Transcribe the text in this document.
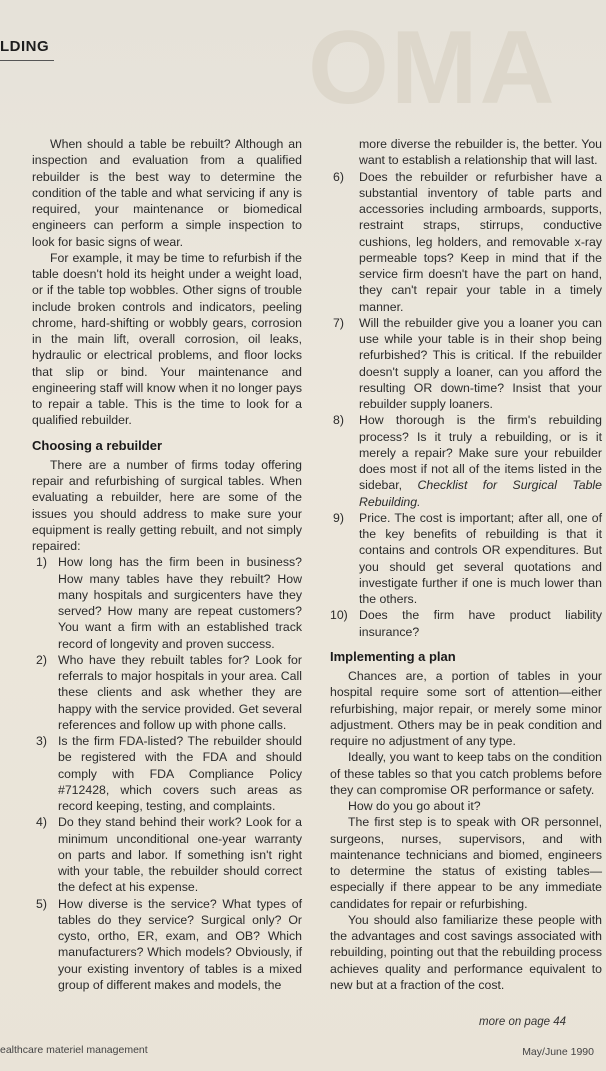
OMA
LDING

When should a table be rebuilt? Although an inspection and evaluation from a qualified rebuilder is the best way to determine the condition of the table and what servicing if any is required, your maintenance or biomedical engineers can perform a simple inspection to look for basic signs of wear.

For example, it may be time to refurbish if the table doesn't hold its height under a weight load, or if the table top wobbles. Other signs of trouble include broken controls and indicators, peeling chrome, hard-shifting or wobbly gears, corrosion in the main lift, overall corrosion, oil leaks, hydraulic or electrical problems, and floor locks that slip or bind. Your maintenance and engineering staff will know when it no longer pays to repair a table. This is the time to look for a qualified rebuilder.

Choosing a rebuilder

There are a number of firms today offering repair and refurbishing of surgical tables. When evaluating a rebuilder, here are some of the issues you should address to make sure your equipment is really getting rebuilt, and not simply repaired:

1) How long has the firm been in business? How many tables have they rebuilt? How many hospitals and surgicenters have they served? How many are repeat customers? You want a firm with an established track record of longevity and proven success.

2) Who have they rebuilt tables for? Look for referrals to major hospitals in your area. Call these clients and ask whether they are happy with the service provided. Get several references and follow up with phone calls.

3) Is the firm FDA-listed? The rebuilder should be registered with the FDA and should comply with FDA Compliance Policy #712428, which covers such areas as record keeping, testing, and complaints.

4) Do they stand behind their work? Look for a minimum unconditional one-year warranty on parts and labor. If something isn't right with your table, the rebuilder should correct the defect at his expense.

5) How diverse is the service? What types of tables do they service? Surgical only? Or cysto, ortho, ER, exam, and OB? Which manufacturers? Which models? Obviously, if your existing inventory of tables is a mixed group of different makes and models, the

more diverse the rebuilder is, the better. You want to establish a relationship that will last.

6) Does the rebuilder or refurbisher have a substantial inventory of table parts and accessories including armboards, supports, restraint straps, stirrups, conductive cushions, leg holders, and removable x-ray permeable tops? Keep in mind that if the service firm doesn't have the part on hand, they can't repair your table in a timely manner.

7) Will the rebuilder give you a loaner you can use while your table is in their shop being refurbished? This is critical. If the rebuilder doesn't supply a loaner, can you afford the resulting OR down-time? Insist that your rebuilder supply loaners.

8) How thorough is the firm's rebuilding process? Is it truly a rebuilding, or is it merely a repair? Make sure your rebuilder does most if not all of the items listed in the sidebar, Checklist for Surgical Table Rebuilding.

9) Price. The cost is important; after all, one of the key benefits of rebuilding is that it contains and controls OR expenditures. But you should get several quotations and investigate further if one is much lower than the others.

10) Does the firm have product liability insurance?

Implementing a plan

Chances are, a portion of tables in your hospital require some sort of attention—either refurbishing, major repair, or merely some minor adjustment. Others may be in peak condition and require no adjustment of any type.

Ideally, you want to keep tabs on the condition of these tables so that you catch problems before they can compromise OR performance or safety.

How do you go about it?

The first step is to speak with OR personnel, surgeons, nurses, supervisors, and with maintenance technicians and biomed, engineers to determine the status of existing tables—especially if there appear to be any immediate candidates for repair or refurbishing.

You should also familiarize these people with the advantages and cost savings associated with rebuilding, pointing out that the rebuilding process achieves quality and performance equivalent to new but at a fraction of the cost.

more on page 44
ealthcare materiel management	May/June 1990
